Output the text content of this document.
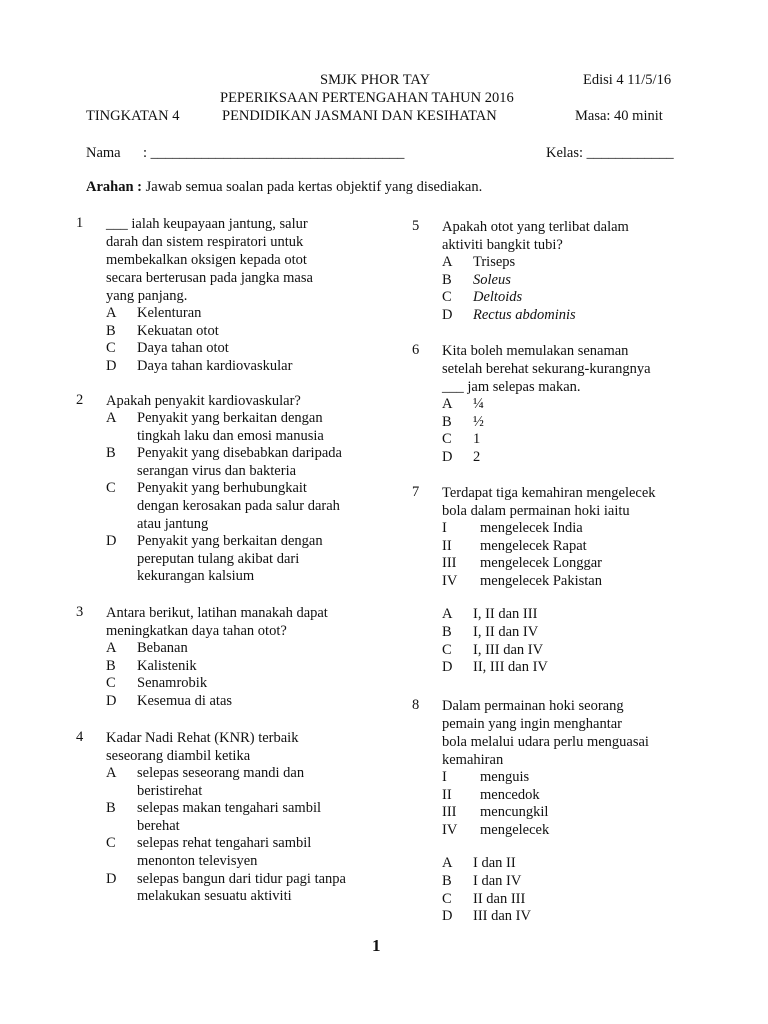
SMJK PHOR TAY	Edisi 4 11/5/16
PEPERIKSAAN PERTENGAHAN TAHUN 2016
TINGKATAN 4	PENDIDIKAN JASMANI DAN KESIHATAN	Masa: 40 minit
Nama : ___________________________________	Kelas: ____________
Arahan : Jawab semua soalan pada kertas objektif yang disediakan.
1 ___ ialah keupayaan jantung, salur
darah dan sistem respiratori untuk
membekalkan oksigen kepada otot
secara berterusan pada jangka masa
yang panjang.
A	Kelenturan
B	Kekuatan otot
C	Daya tahan otot
D	Daya tahan kardiovaskular
2 Apakah penyakit kardiovaskular?
A	Penyakit yang berkaitan dengan
tingkah laku dan emosi manusia
B	Penyakit yang disebabkan daripada
serangan virus dan bakteria
C	Penyakit yang berhubungkait
dengan kerosakan pada salur darah
atau jantung
D	Penyakit yang berkaitan dengan
pereputan tulang akibat dari
kekurangan kalsium
3 Antara berikut, latihan manakah dapat
meningkatkan daya tahan otot?
A	Bebanan
B	Kalistenik
C	Senamrobik
D	Kesemua di atas
4 Kadar Nadi Rehat (KNR) terbaik
seseorang diambil ketika
A	selepas seseorang mandi dan
beristirehat
B	selepas makan tengahari sambil
berehat
C	selepas rehat tengahari sambil
menonton televisyen
D	selepas bangun dari tidur pagi tanpa
melakukan sesuatu aktiviti
5 Apakah otot yang terlibat dalam
aktiviti bangkit tubi?
A	Triseps
B	Soleus
C	Deltoids
D	Rectus abdominis
6 Kita boleh memulakan senaman
setelah berehat sekurang-kurangnya
___ jam selepas makan.
A	¼
B	½
C	1
D	2
7 Terdapat tiga kemahiran mengelecek
bola dalam permainan hoki iaitu
I	mengelecek India
II	mengelecek Rapat
III	mengelecek Longgar
IV	mengelecek Pakistan
A	I, II dan III
B	I, II dan IV
C	I, III dan IV
D	II, III dan IV
8 Dalam permainan hoki seorang
pemain yang ingin menghantar
bola melalui udara perlu menguasai
kemahiran
I	menguis
II	mencedok
III	mencungkil
IV	mengelecek
A	I dan II
B	I dan IV
C	II dan III
D	III dan IV
1
